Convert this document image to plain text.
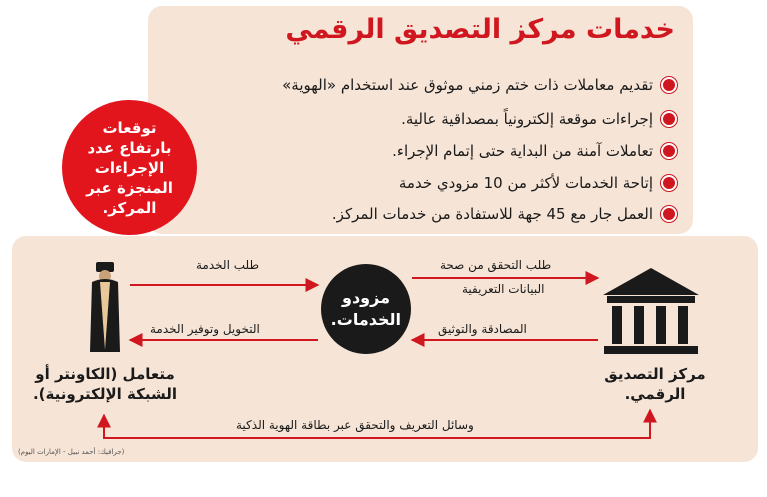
خدمات مركز التصديق الرقمي
تقديم معاملات ذات ختم زمني موثوق عند استخدام «الهوية»
إجراءات موقعة إلكترونياً بمصداقية عالية.
تعاملات آمنة من البداية حتى إتمام الإجراء.
إتاحة الخدمات لأكثر من 10 مزودي خدمة
العمل جار مع 45 جهة للاستفادة من خدمات المركز.
توقعات بارتفاع عدد الإجراءات المنجزة عبر المركز.
مزودو الخدمات.
طلب الخدمة
التخويل وتوفير الخدمة
طلب التحقق من صحة
البيانات التعريفية
المصادقة والتوثيق
وسائل التعريف والتحقق عبر بطاقة الهوية الذكية
متعامل (الكاونتر أو الشبكة الإلكترونية).
مركز التصديق الرقمي.
(جرافيك: أحمد نبيل - الإمارات اليوم)
